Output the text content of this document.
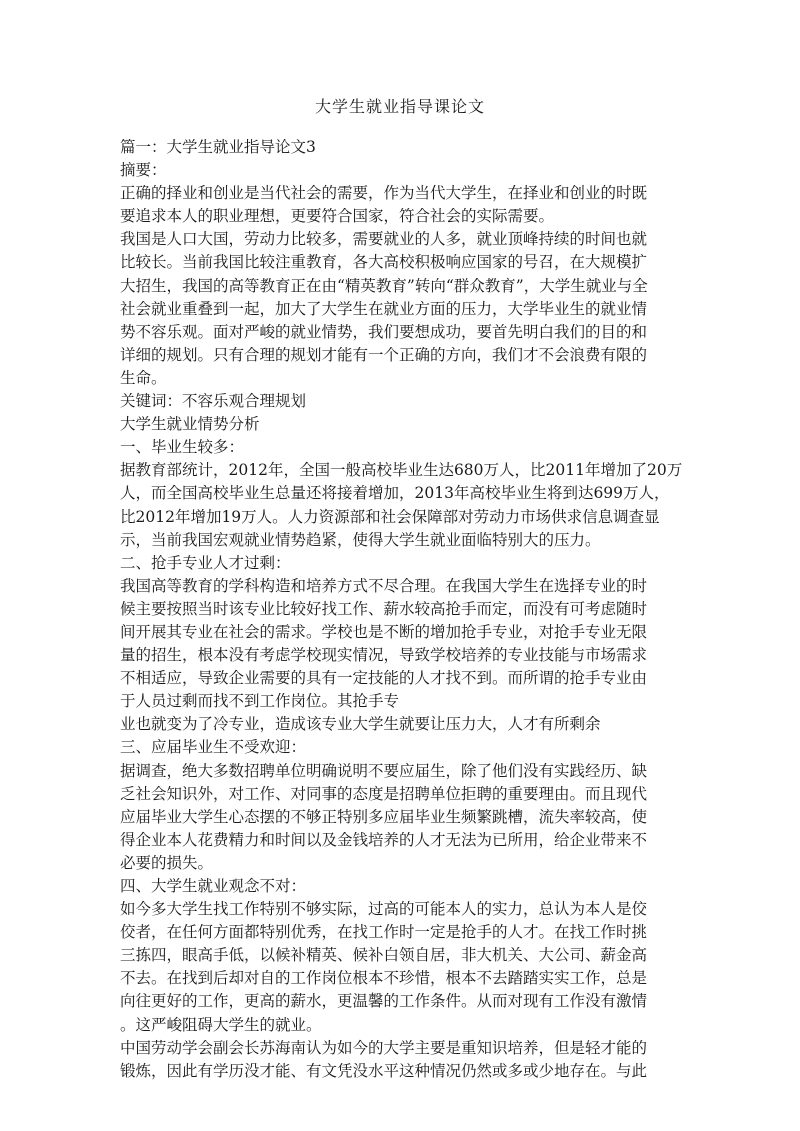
大学生就业指导课论文
篇一：大学生就业指导论文3
摘要：
正确的择业和创业是当代社会的需要，作为当代大学生，在择业和创业的时既
要追求本人的职业理想，更要符合国家，符合社会的实际需要。
我国是人口大国，劳动力比较多，需要就业的人多，就业顶峰持续的时间也就
比较长。当前我国比较注重教育，各大高校积极响应国家的号召，在大规模扩
大招生，我国的高等教育正在由“精英教育”转向“群众教育”，大学生就业与全
社会就业重叠到一起，加大了大学生在就业方面的压力，大学毕业生的就业情
势不容乐观。面对严峻的就业情势，我们要想成功，要首先明白我们的目的和
详细的规划。只有合理的规划才能有一个正确的方向，我们才不会浪费有限的
生命。
关键词：不容乐观合理规划
大学生就业情势分析
一、毕业生较多：
据教育部统计，2012年，全国一般高校毕业生达680万人，比2011年增加了20万
人，而全国高校毕业生总量还将接着增加，2013年高校毕业生将到达699万人，
比2012年增加19万人。人力资源部和社会保障部对劳动力市场供求信息调查显
示，当前我国宏观就业情势趋紧，使得大学生就业面临特别大的压力。
二、抢手专业人才过剩：
我国高等教育的学科构造和培养方式不尽合理。在我国大学生在选择专业的时
候主要按照当时该专业比较好找工作、薪水较高抢手而定，而没有可考虑随时
间开展其专业在社会的需求。学校也是不断的增加抢手专业，对抢手专业无限
量的招生，根本没有考虑学校现实情况，导致学校培养的专业技能与市场需求
不相适应，导致企业需要的具有一定技能的人才找不到。而所谓的抢手专业由
于人员过剩而找不到工作岗位。其抢手专
业也就变为了冷专业，造成该专业大学生就要让压力大，人才有所剩余
三、应届毕业生不受欢迎：
据调查，绝大多数招聘单位明确说明不要应届生，除了他们没有实践经历、缺
乏社会知识外，对工作、对同事的态度是招聘单位拒聘的重要理由。而且现代
应届毕业大学生心态摆的不够正特别多应届毕业生频繁跳槽，流失率较高，使
得企业本人花费精力和时间以及金钱培养的人才无法为已所用，给企业带来不
必要的损失。
四、大学生就业观念不对：
如今多大学生找工作特别不够实际，过高的可能本人的实力，总认为本人是佼
佼者，在任何方面都特别优秀，在找工作时一定是抢手的人才。在找工作时挑
三拣四，眼高手低，以候补精英、候补白领自居，非大机关、大公司、薪金高
不去。在找到后却对自的工作岗位根本不珍惜，根本不去踏踏实实工作，总是
向往更好的工作，更高的薪水，更温馨的工作条件。从而对现有工作没有激情
。这严峻阻碍大学生的就业。
中国劳动学会副会长苏海南认为如今的大学主要是重知识培养，但是轻才能的
锻炼，因此有学历没才能、有文凭没水平这种情况仍然或多或少地存在。与此
